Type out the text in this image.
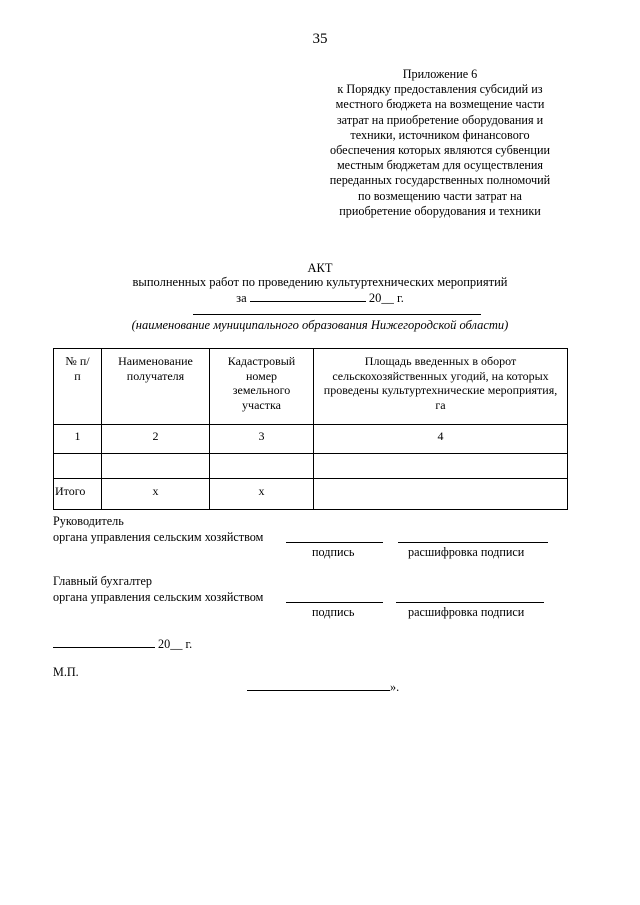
35
Приложение 6
к Порядку предоставления субсидий из
местного бюджета на возмещение части
затрат на приобретение оборудования и
техники, источником финансового
обеспечения которых являются субвенции
местным бюджетам для осуществления
переданных государственных полномочий
по возмещению части затрат на
приобретение оборудования и техники
АКТ
выполненных работ по проведению культуртехнических мероприятий
за	20__ г.
(наименование муниципального образования Нижегородской области)
№ п/п	Наименование получателя	Кадастровый номер земельного участка	Площадь введенных в оборот сельскохозяйственных угодий, на которых проведены культуртехнические мероприятия, га
1	2	3	4

Итого	x	x	
Руководитель
органа управления сельским хозяйством
подпись	расшифровка подписи
Главный бухгалтер
органа управления сельским хозяйством
подпись	расшифровка подписи
20__ г.
М.П.
».
